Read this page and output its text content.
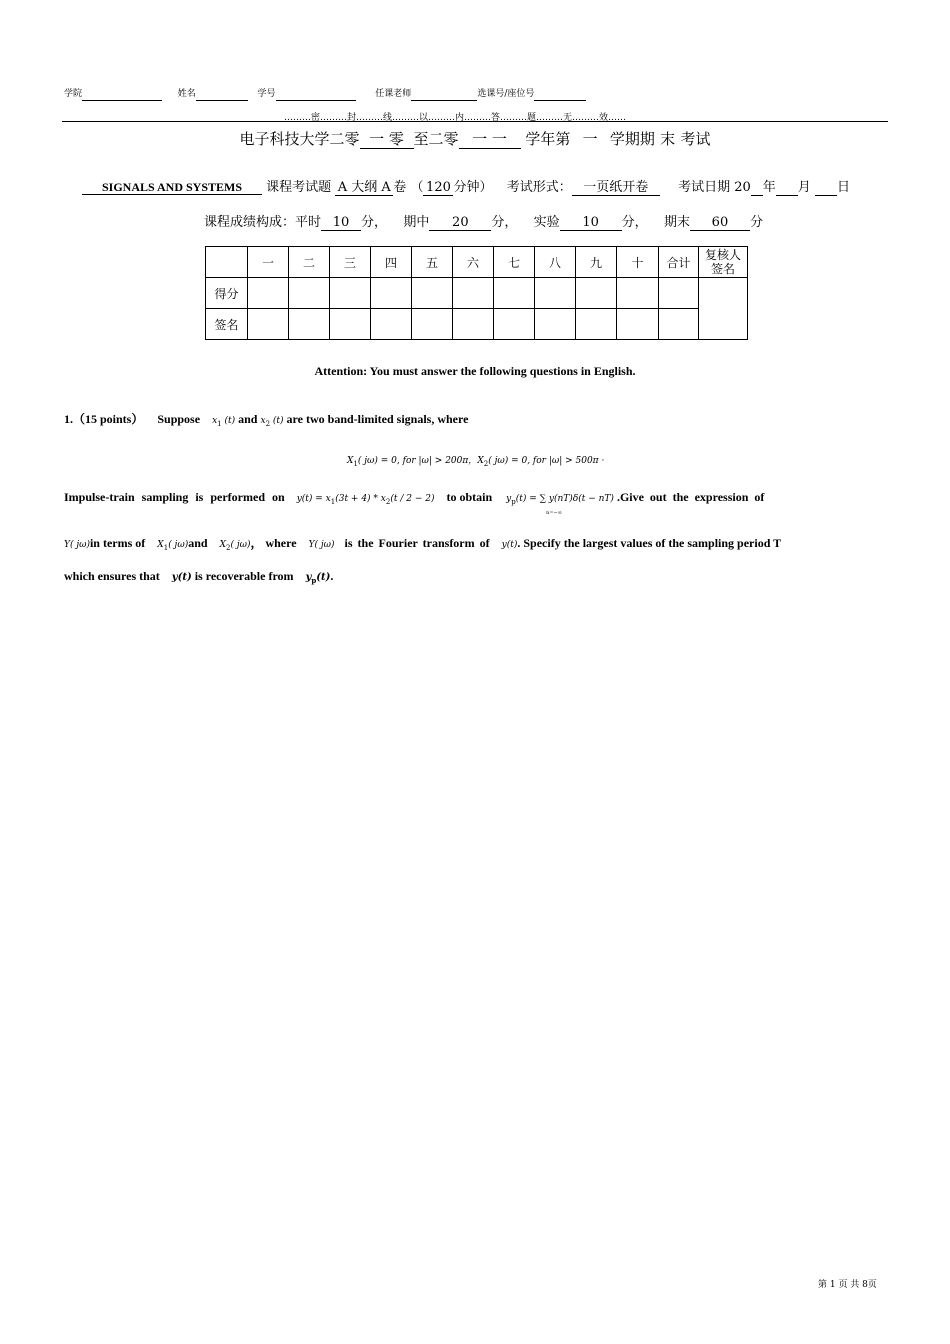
学院	姓名	学号	任课老师	选课号/座位号
………密………封………线………以………内………答………题………无………效……
电子科技大学二零 一 零 至二零 一 一 学年第 一 学期期 末 考试
SIGNALS AND SYSTEMS 课程考试题 A 大纲 A 卷 （ 120 分钟） 考试形式： 一页纸开卷 考试日期 20 年 月 日
课程成绩构成：平时 10 分， 期中 20 分， 实验 10 分， 期末 60 分
	一	二	三	四	五	六	七	八	九	十	合计	复核人
签名
得分												
签名												
Attention: You must answer the following questions in English.
1.（15 points） Suppose $x_1$ (t) and $x_2$ (t) are two band-limited signals, where
$X_1$( jω) = 0, for |ω| > 200π，$X_2$( jω) = 0, for |ω| > 500π ·
Impulse-train sampling is performed on $y(t) = x_1(3t + 4) * x_2(t / 2 - 2)$ to obtain $y_p(t)$ = ∑ y(nT)δ(t − nT)
n=−∞
.Give out the expression of
Y( jω)in terms of $X_1$( jω)and $X_2$( jω)， where Y( jω) is the Fourier transform of y(t). Specify the largest values of the sampling period T
which ensures that y(t) is recoverable from $y_p(t)$.
第 1 页 共 8页
